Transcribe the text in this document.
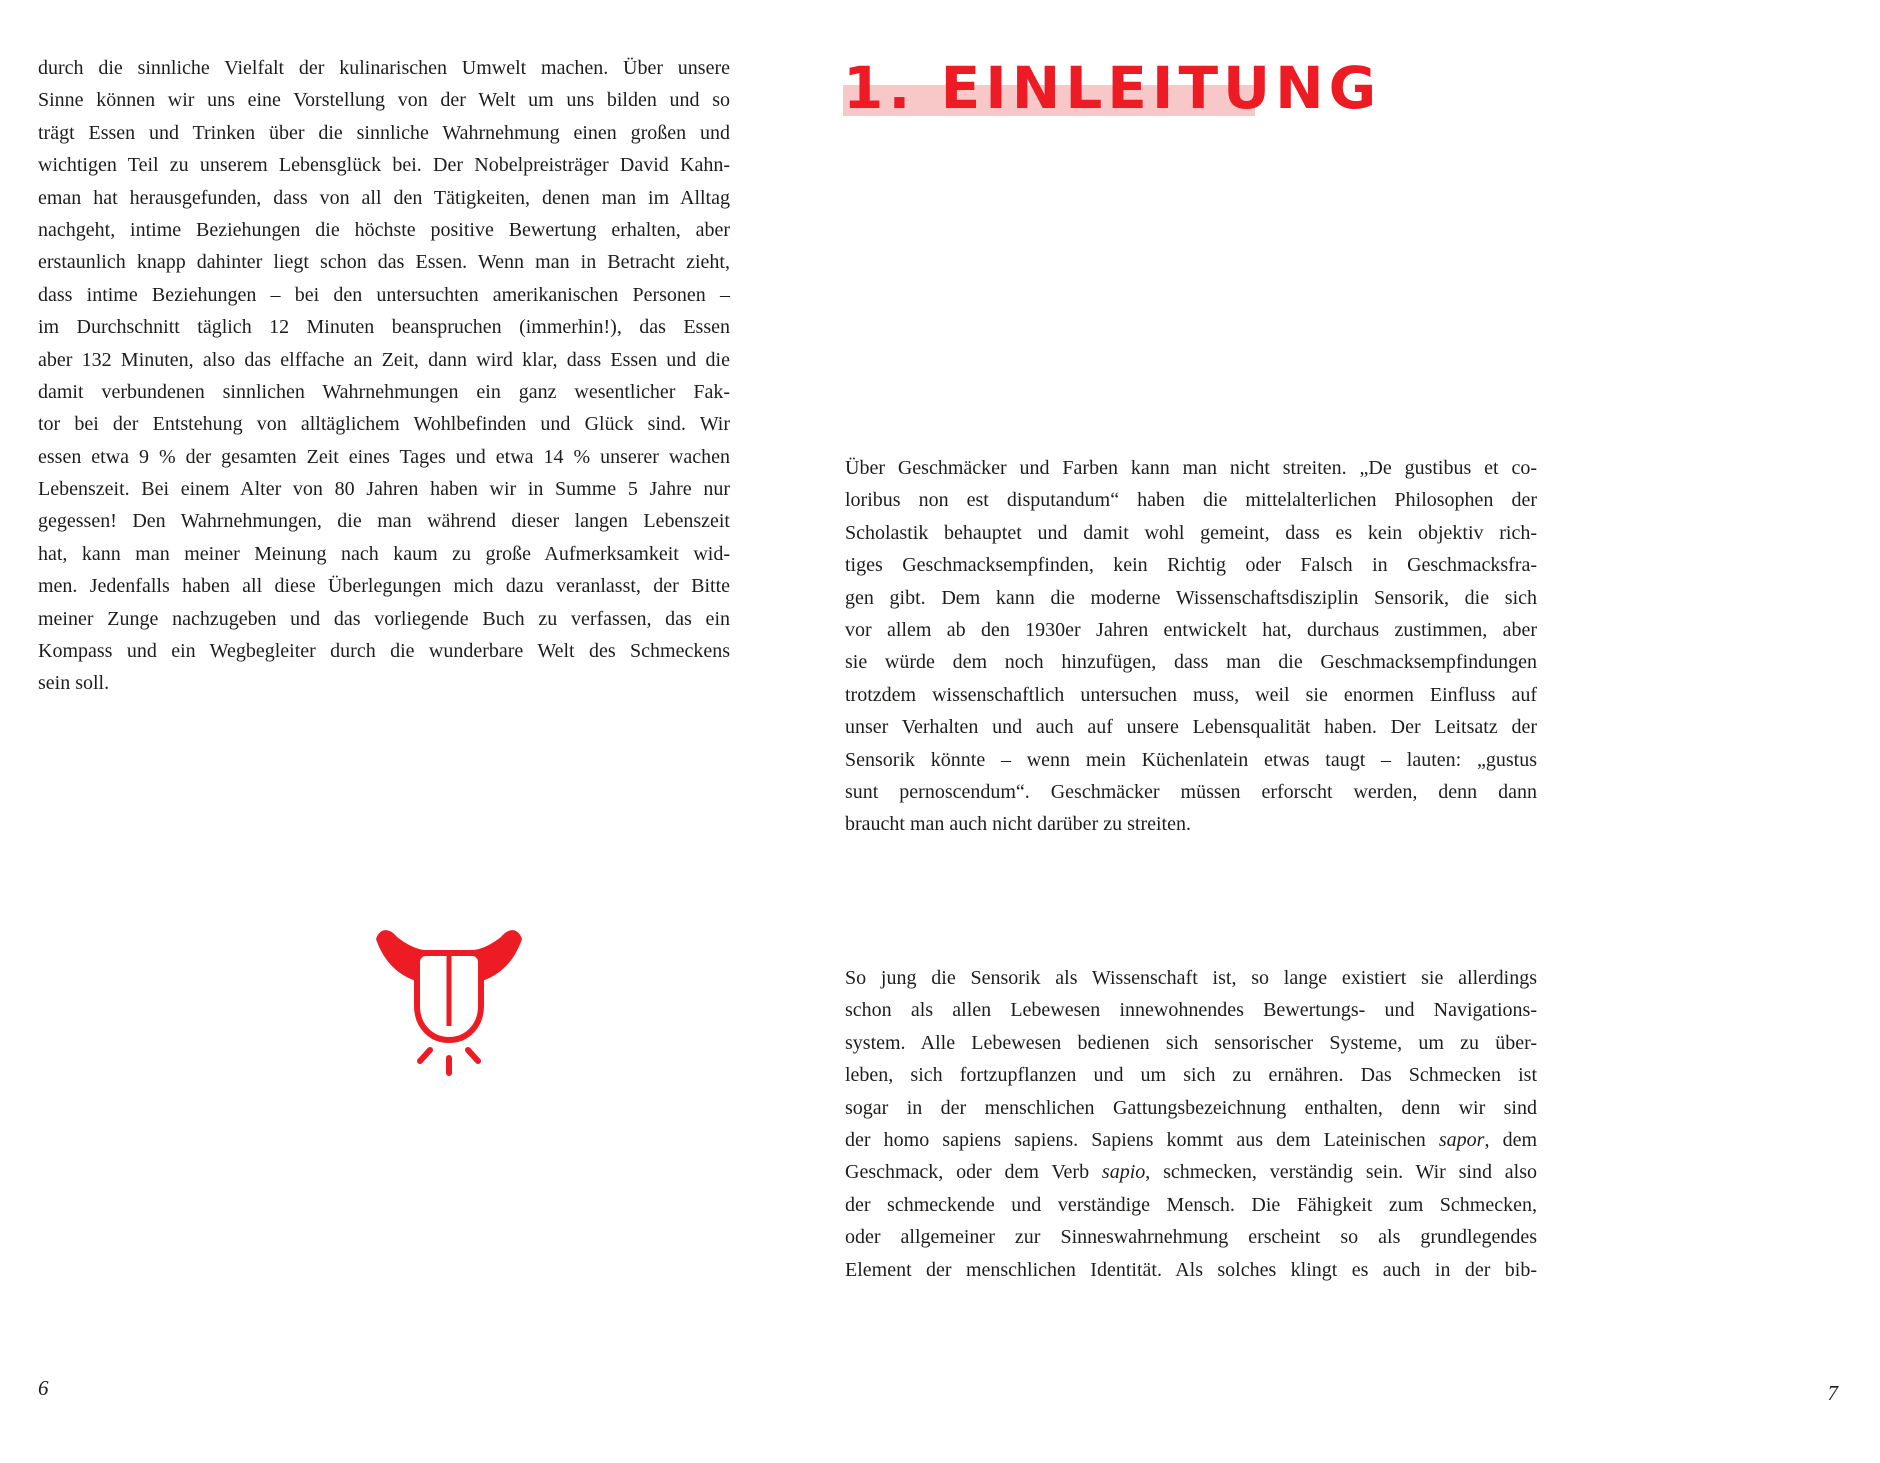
durch die sinnliche Vielfalt der kulinarischen Umwelt machen. Über unsere
Sinne können wir uns eine Vorstellung von der Welt um uns bilden und so
trägt Essen und Trinken über die sinnliche Wahrnehmung einen großen und
wichtigen Teil zu unserem Lebensglück bei. Der Nobelpreisträger David Kahn-
eman hat herausgefunden, dass von all den Tätigkeiten, denen man im Alltag
nachgeht, intime Beziehungen die höchste positive Bewertung erhalten, aber
erstaunlich knapp dahinter liegt schon das Essen. Wenn man in Betracht zieht,
dass intime Beziehungen – bei den untersuchten amerikanischen Personen –
im Durchschnitt täglich 12 Minuten beanspruchen (immerhin!), das Essen
aber 132 Minuten, also das elffache an Zeit, dann wird klar, dass Essen und die
damit verbundenen sinnlichen Wahrnehmungen ein ganz wesentlicher Fak-
tor bei der Entstehung von alltäglichem Wohlbefinden und Glück sind. Wir
essen etwa 9 % der gesamten Zeit eines Tages und etwa 14 % unserer wachen
Lebenszeit. Bei einem Alter von 80 Jahren haben wir in Summe 5 Jahre nur
gegessen! Den Wahrnehmungen, die man während dieser langen Lebenszeit
hat, kann man meiner Meinung nach kaum zu große Aufmerksamkeit wid-
men. Jedenfalls haben all diese Überlegungen mich dazu veranlasst, der Bitte
meiner Zunge nachzugeben und das vorliegende Buch zu verfassen, das ein
Kompass und ein Wegbegleiter durch die wunderbare Welt des Schmeckens
sein soll.
6
1. EINLEITUNG
Über Geschmäcker und Farben kann man nicht streiten. „De gustibus et co-
loribus non est disputandum“ haben die mittelalterlichen Philosophen der
Scholastik behauptet und damit wohl gemeint, dass es kein objektiv rich-
tiges Geschmacksempfinden, kein Richtig oder Falsch in Geschmacksfra-
gen gibt. Dem kann die moderne Wissenschaftsdisziplin Sensorik, die sich
vor allem ab den 1930er Jahren entwickelt hat, durchaus zustimmen, aber
sie würde dem noch hinzufügen, dass man die Geschmacksempfindungen
trotzdem wissenschaftlich untersuchen muss, weil sie enormen Einfluss auf
unser Verhalten und auch auf unsere Lebensqualität haben. Der Leitsatz der
Sensorik könnte – wenn mein Küchenlatein etwas taugt – lauten: „gustus
sunt pernoscendum“. Geschmäcker müssen erforscht werden, denn dann
braucht man auch nicht darüber zu streiten.
So jung die Sensorik als Wissenschaft ist, so lange existiert sie allerdings
schon als allen Lebewesen innewohnendes Bewertungs- und Navigations-
system. Alle Lebewesen bedienen sich sensorischer Systeme, um zu über-
leben, sich fortzupflanzen und um sich zu ernähren. Das Schmecken ist
sogar in der menschlichen Gattungsbezeichnung enthalten, denn wir sind
der homo sapiens sapiens. Sapiens kommt aus dem Lateinischen sapor, dem
Geschmack, oder dem Verb sapio, schmecken, verständig sein. Wir sind also
der schmeckende und verständige Mensch. Die Fähigkeit zum Schmecken,
oder allgemeiner zur Sinneswahrnehmung erscheint so als grundlegendes
Element der menschlichen Identität. Als solches klingt es auch in der bib-
7
